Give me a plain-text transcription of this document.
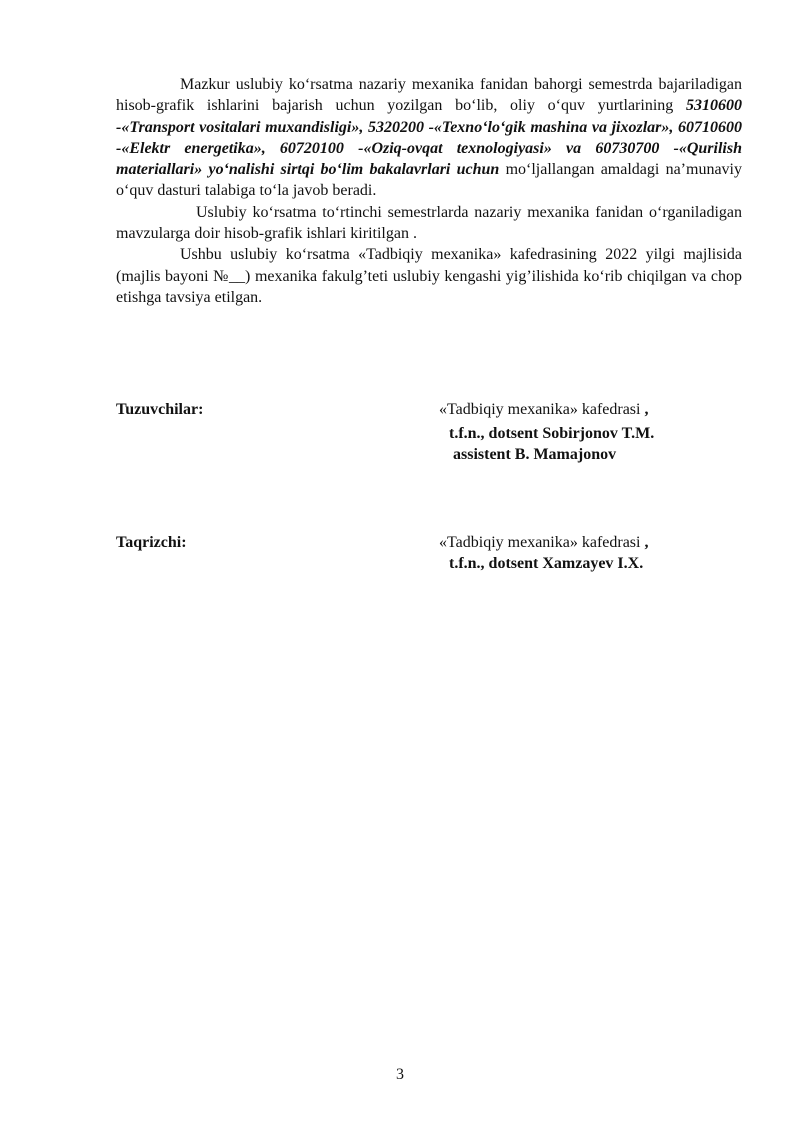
Mazkur uslubiy ko‘rsatma nazariy mexanika fanidan bahorgi semestrda bajariladigan hisob-grafik ishlarini bajarish uchun yozilgan bo‘lib, oliy o‘quv yurtlarining 5310600 -«Transport vositalari muxandisligi», 5320200 -«Texno‘lo‘gik mashina va jixozlar», 60710600 -«Elektr energetika», 60720100 -«Oziq-ovqat texnologiyasi» va 60730700 -«Qurilish materiallari» yo‘nalishi sirtqi bo‘lim bakalavrlari uchun mo‘ljallangan amaldagi na’munaviy o‘quv dasturi talabiga to‘la javob beradi.

Uslubiy ko‘rsatma to‘rtinchi semestrlarda nazariy mexanika fanidan o‘rganiladigan mavzularga doir hisob-grafik ishlari kiritilgan .

Ushbu uslubiy ko‘rsatma «Tadbiqiy mexanika» kafedrasining 2022 yilgi majlisida (majlis bayoni №__) mexanika fakulg’teti uslubiy kengashi yig’ilishida ko‘rib chiqilgan va chop etishga tavsiya etilgan.

Tuzuvchilar:	«Tadbiqiy mexanika» kafedrasi ,
t.f.n., dotsent Sobirjonov T.M.
assistent B. Mamajonov
Taqrizchi:	«Tadbiqiy mexanika» kafedrasi ,
t.f.n., dotsent Xamzayev I.X.
3
